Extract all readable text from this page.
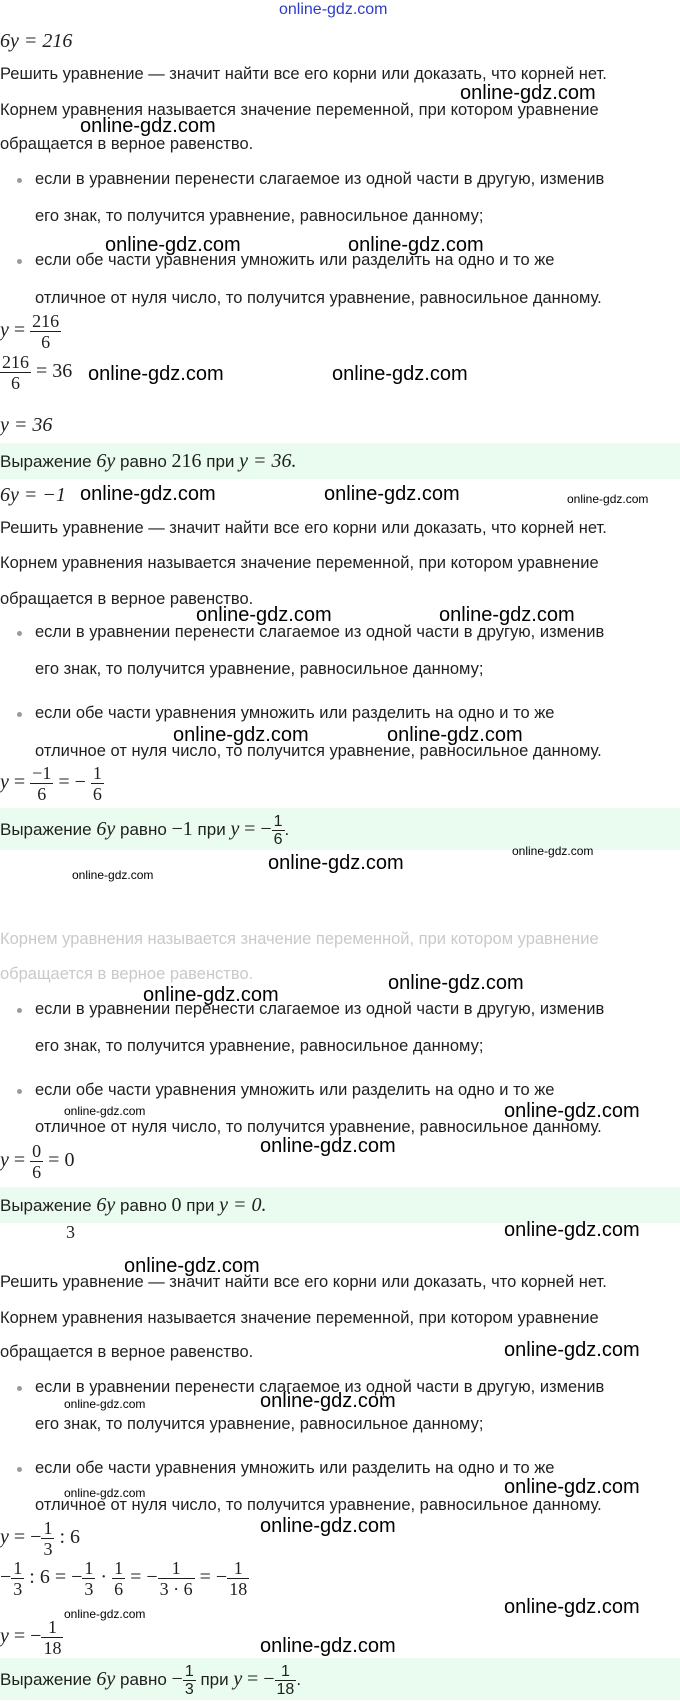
online-gdz.com
6y = 216
Решить уравнение — значит найти все его корни или доказать, что корней нет.
Корнем уравнения называется значение переменной, при котором уравнение
обращается в верное равенство.
если в уравнении перенести слагаемое из одной части в другую, изменив
его знак, то получится уравнение, равносильное данному;
если обе части уравнения умножить или разделить на одно и то же
отличное от нуля число, то получится уравнение, равносильное данному.
$y = \frac{216}{6}$
$\frac{216}{6} = 36$
y = 36
Выражение 6y равно 216 при y = 36.
6y = −1
Решить уравнение — значит найти все его корни или доказать, что корней нет.
Корнем уравнения называется значение переменной, при котором уравнение
обращается в верное равенство.
если в уравнении перенести слагаемое из одной части в другую, изменив
его знак, то получится уравнение, равносильное данному;
если обе части уравнения умножить или разделить на одно и то же
отличное от нуля число, то получится уравнение, равносильное данному.
$y = \frac{-1}{6}$ = − $\frac{1}{6}$
Выражение 6y равно −1 при y = − $\frac{1}{6}$ .
Корнем уравнения называется значение переменной, при котором уравнение
обращается в верное равенство.
если в уравнении перенести слагаемое из одной части в другую, изменив
его знак, то получится уравнение, равносильное данному;
если обе части уравнения умножить или разделить на одно и то же
отличное от нуля число, то получится уравнение, равносильное данному.
$y = \frac{0}{6} = 0$
Выражение 6y равно 0 при y = 0.
3
Решить уравнение — значит найти все его корни или доказать, что корней нет.
Корнем уравнения называется значение переменной, при котором уравнение
обращается в верное равенство.
если в уравнении перенести слагаемое из одной части в другую, изменив
его знак, то получится уравнение, равносильное данному;
если обе части уравнения умножить или разделить на одно и то же
отличное от нуля число, то получится уравнение, равносильное данному.
y = − $\frac{1}{3}$ : 6
− $\frac{1}{3}$ : 6 = − $\frac{1}{3} \cdot \frac{1}{6}$ = − $\frac{1}{3 \cdot 6}$ = − $\frac{1}{18}$
y = − $\frac{1}{18}$
Выражение 6y равно − $\frac{1}{3}$ при y = − $\frac{1}{18}$ .
online-gdz.com
online-gdz.com
online-gdz.com	online-gdz.com
online-gdz.com	online-gdz.com
online-gdz.com	online-gdz.com	online-gdz.com
online-gdz.com	online-gdz.com
online-gdz.com	online-gdz.com
online-gdz.com
online-gdz.com
online-gdz.com
online-gdz.com
online-gdz.com
online-gdz.com	online-gdz.com
online-gdz.com
online-gdz.com
online-gdz.com
online-gdz.com
online-gdz.com	online-gdz.com
online-gdz.com	online-gdz.com
online-gdz.com
online-gdz.com
online-gdz.com
online-gdz.com
